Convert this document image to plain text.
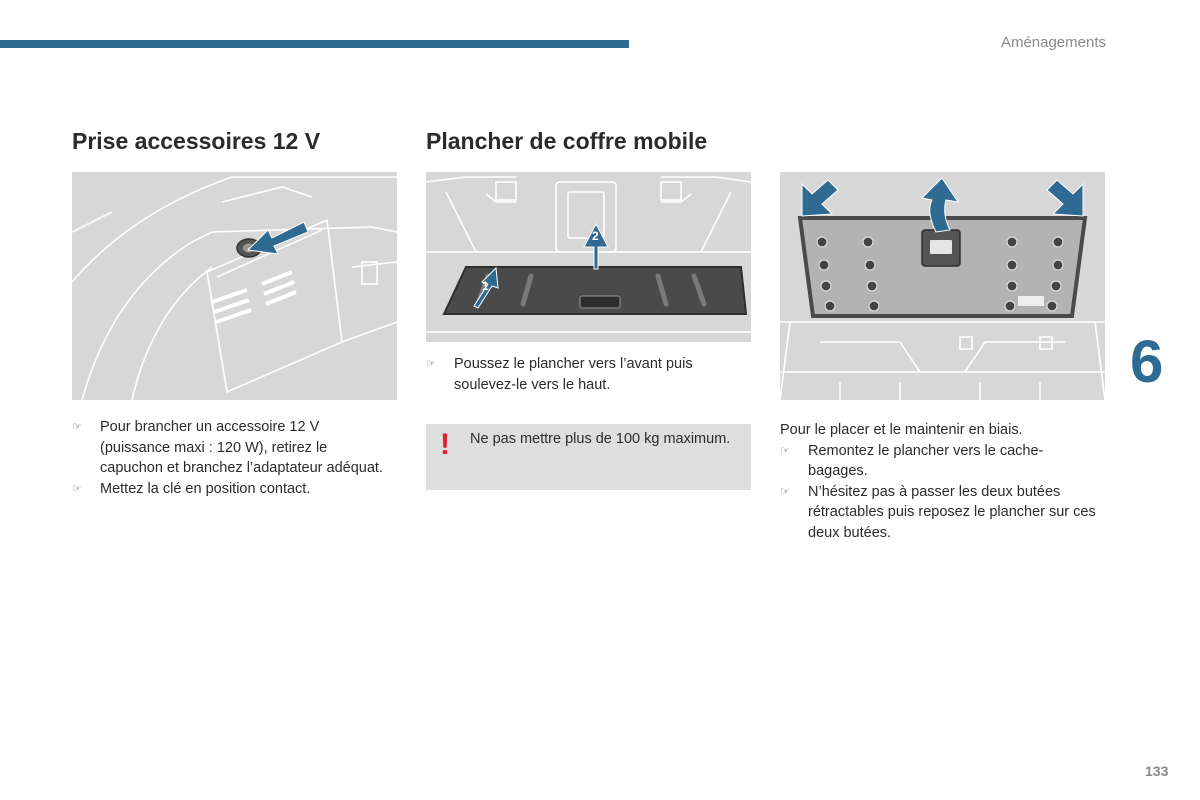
Aménagements
6
133
Prise accessoires 12 V

☞ Pour brancher un accessoire 12 V (puissance maxi : 120 W), retirez le capuchon et branchez l’adaptateur adéquat.

☞ Mettez la clé en position contact.

Plancher de coffre mobile
2
1

☞ Poussez le plancher vers l’avant puis soulevez-le vers le haut.

! Ne pas mettre plus de 100 kg maximum.

Pour le placer et le maintenir en biais.

☞ Remontez le plancher vers le cache-bagages.

☞ N’hésitez pas à passer les deux butées rétractables puis reposez le plancher sur ces deux butées.
